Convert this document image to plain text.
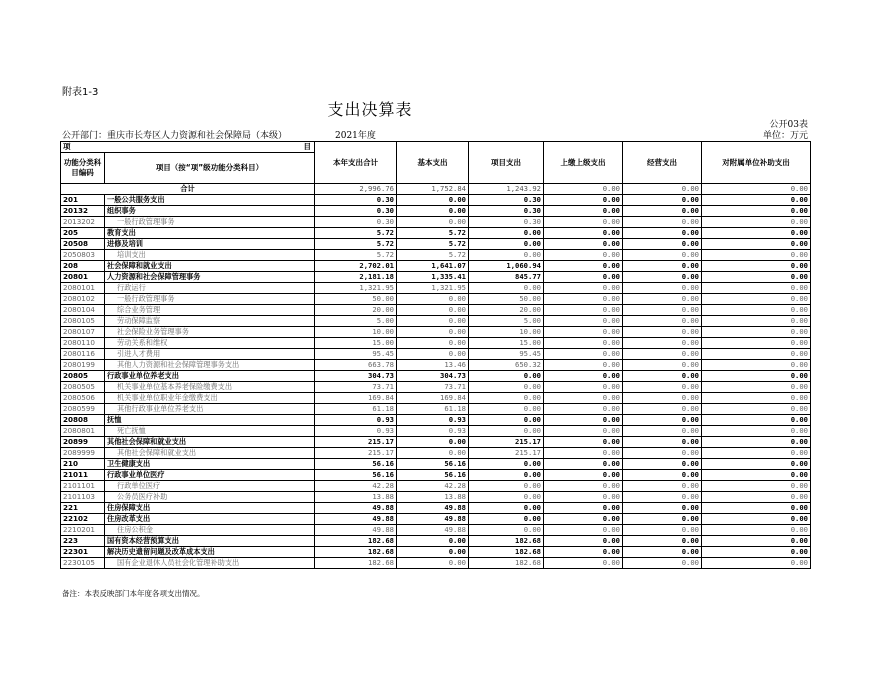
附表1-3
支出决算表
公开03表
公开部门：重庆市长寿区人力资源和社会保障局（本级）	2021年度	单位：万元
项 目		本年支出合计	基本支出	项目支出	上缴上级支出	经营支出	对附属单位补助支出
功能分类科目编码	项目（按“项”级功能分类科目）						
合计		2,996.76	1,752.84	1,243.92	0.00	0.00	0.00
201	一般公共服务支出	0.30	0.00	0.30	0.00	0.00	0.00
20132	组织事务	0.30	0.00	0.30	0.00	0.00	0.00
2013202	一般行政管理事务	0.30	0.00	0.30	0.00	0.00	0.00
205	教育支出	5.72	5.72	0.00	0.00	0.00	0.00
20508	进修及培训	5.72	5.72	0.00	0.00	0.00	0.00
2050803	培训支出	5.72	5.72	0.00	0.00	0.00	0.00
208	社会保障和就业支出	2,702.01	1,641.07	1,060.94	0.00	0.00	0.00
20801	人力资源和社会保障管理事务	2,181.18	1,335.41	845.77	0.00	0.00	0.00
2080101	行政运行	1,321.95	1,321.95	0.00	0.00	0.00	0.00
2080102	一般行政管理事务	50.00	0.00	50.00	0.00	0.00	0.00
2080104	综合业务管理	20.00	0.00	20.00	0.00	0.00	0.00
2080105	劳动保障监察	5.00	0.00	5.00	0.00	0.00	0.00
2080107	社会保险业务管理事务	10.00	0.00	10.00	0.00	0.00	0.00
2080110	劳动关系和维权	15.00	0.00	15.00	0.00	0.00	0.00
2080116	引进人才费用	95.45	0.00	95.45	0.00	0.00	0.00
2080199	其他人力资源和社会保障管理事务支出	663.78	13.46	650.32	0.00	0.00	0.00
20805	行政事业单位养老支出	304.73	304.73	0.00	0.00	0.00	0.00
2080505	机关事业单位基本养老保险缴费支出	73.71	73.71	0.00	0.00	0.00	0.00
2080506	机关事业单位职业年金缴费支出	169.84	169.84	0.00	0.00	0.00	0.00
2080599	其他行政事业单位养老支出	61.18	61.18	0.00	0.00	0.00	0.00
20808	抚恤	0.93	0.93	0.00	0.00	0.00	0.00
2080801	死亡抚恤	0.93	0.93	0.00	0.00	0.00	0.00
20899	其他社会保障和就业支出	215.17	0.00	215.17	0.00	0.00	0.00
2089999	其他社会保障和就业支出	215.17	0.00	215.17	0.00	0.00	0.00
210	卫生健康支出	56.16	56.16	0.00	0.00	0.00	0.00
21011	行政事业单位医疗	56.16	56.16	0.00	0.00	0.00	0.00
2101101	行政单位医疗	42.28	42.28	0.00	0.00	0.00	0.00
2101103	公务员医疗补助	13.88	13.88	0.00	0.00	0.00	0.00
221	住房保障支出	49.88	49.88	0.00	0.00	0.00	0.00
22102	住房改革支出	49.88	49.88	0.00	0.00	0.00	0.00
2210201	住房公积金	49.88	49.88	0.00	0.00	0.00	0.00
223	国有资本经营预算支出	182.68	0.00	182.68	0.00	0.00	0.00
22301	解决历史遗留问题及改革成本支出	182.68	0.00	182.68	0.00	0.00	0.00
2230105	国有企业退休人员社会化管理补助支出	182.68	0.00	182.68	0.00	0.00	0.00
备注：本表反映部门本年度各项支出情况。
